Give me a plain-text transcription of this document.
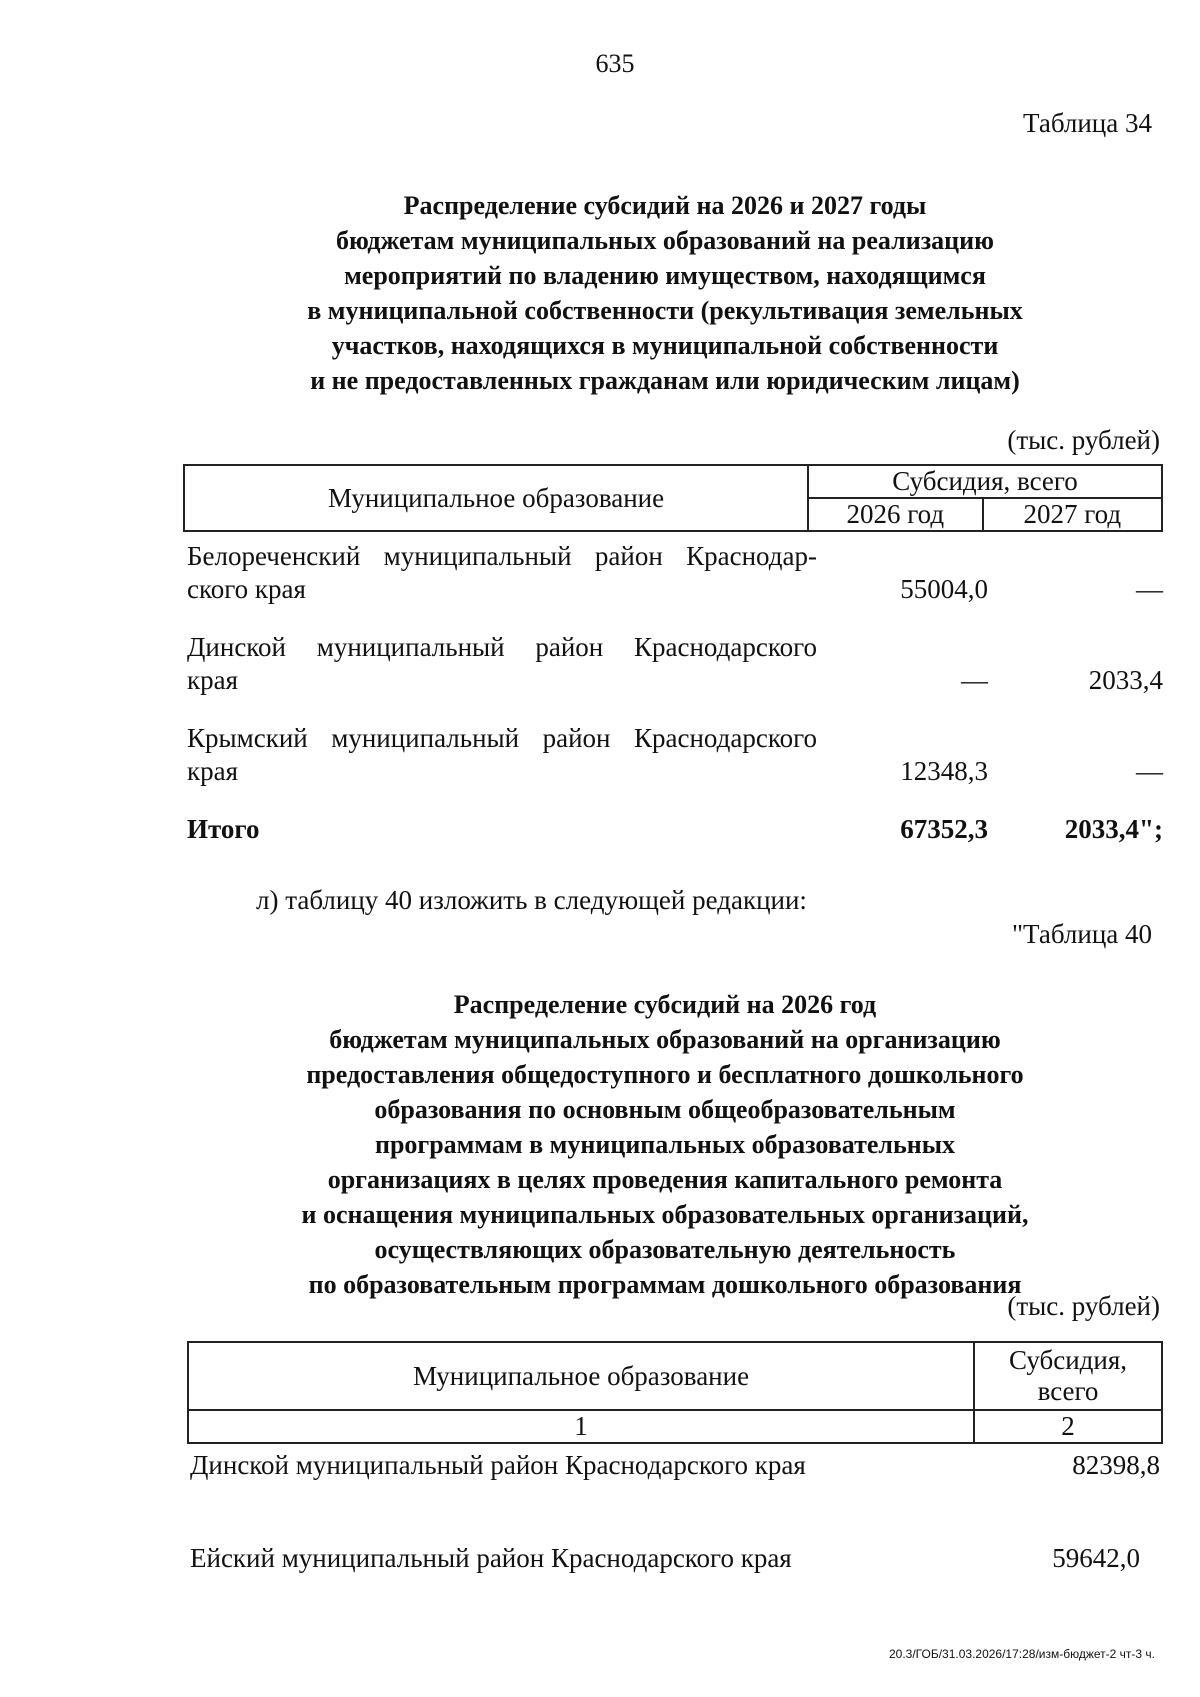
635
Таблица 34
Распределение субсидий на 2026 и 2027 годы
бюджетам муниципальных образований на реализацию
мероприятий по владению имуществом, находящимся
в муниципальной собственности (рекультивация земельных
участков, находящихся в муниципальной собственности
и не предоставленных гражданам или юридическим лицам)
(тыс. рублей)
Муниципальное образование	Субсидия, всего	
	2026 год	2027 год
Белореченский муниципальный район Краснодар-
ского края	55004,0	—
Динской муниципальный район Краснодарского
края	—	2033,4
Крымский муниципальный район Краснодарского
края	12348,3	—
Итого	67352,3	2033,4";
л) таблицу 40 изложить в следующей редакции:
"Таблица 40
Распределение субсидий на 2026 год
бюджетам муниципальных образований на организацию
предоставления общедоступного и бесплатного дошкольного
образования по основным общеобразовательным
программам в муниципальных образовательных
организациях в целях проведения капитального ремонта
и оснащения муниципальных образовательных организаций,
осуществляющих образовательную деятельность
по образовательным программам дошкольного образования
(тыс. рублей)
Муниципальное образование	Субсидия,
всего

1	2
Динской муниципальный район Краснодарского края	82398,8
Ейский муниципальный район Краснодарского края	59642,0
20.3/ГОБ/31.03.2026/17:28/изм-бюджет-2 чт-3 ч.
